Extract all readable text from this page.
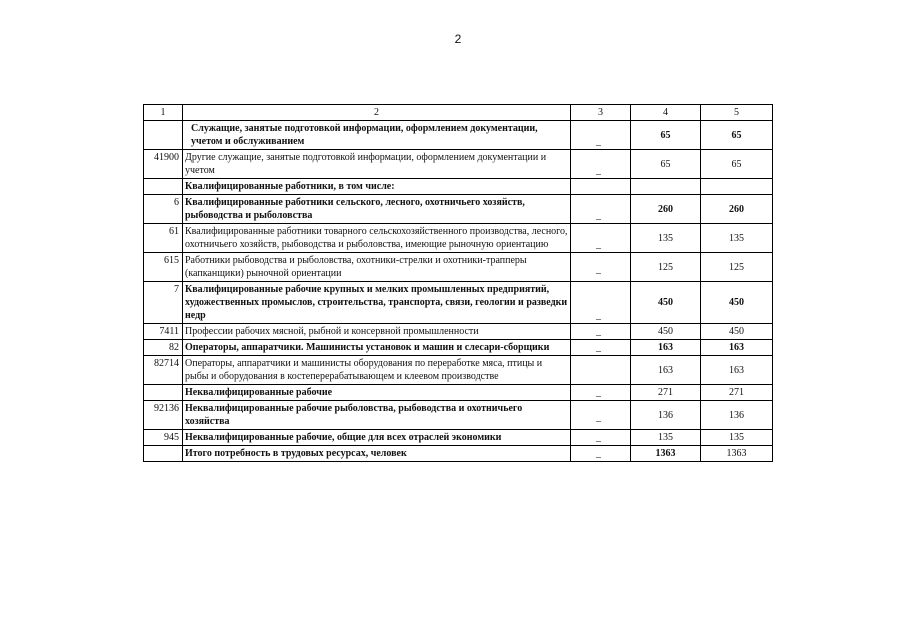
2
1	2	3	4	5
	Служащие, занятые подготовкой информации, оформлением документации, учетом и обслуживанием	_	65	65
41900	Другие служащие, занятые подготовкой информации, оформлением документации и учетом	_	65	65
	Квалифицированные работники, в том числе:			
6	Квалифицированные работники сельского, лесного, охотничьего хозяйств, рыбоводства и рыболовства	_	260	260
61	Квалифицированные работники товарного сельскохозяйственного производства, лесного, охотничьего хозяйств, рыбоводства и рыболовства, имеющие рыночную ориентацию	_	135	135
615	Работники рыбоводства и рыболовства, охотники-стрелки и охотники-трапперы (капканщики) рыночной ориентации	–	125	125
7	Квалифицированные рабочие крупных и мелких промышленных предприятий, художественных промыслов, строительства, транспорта, связи, геологии и разведки недр	_	450	450
7411	Профессии рабочих мясной, рыбной и консервной промышленности	_	450	450
82	Операторы, аппаратчики. Машинисты установок и машин и слесари-сборщики	_	163	163
82714	Операторы, аппаратчики и машинисты оборудования по переработке мяса, птицы и рыбы и оборудования в костеперерабатывающем и клеевом производстве		163	163
	Неквалифицированные рабочие	_	271	271
92136	Неквалифицированные рабочие рыболовства, рыбоводства и охотничьего хозяйства	–	136	136
945	Неквалифицированные рабочие, общие для всех отраслей экономики	_	135	135
	Итого потребность в трудовых ресурсах, человек	_	1363	1363
